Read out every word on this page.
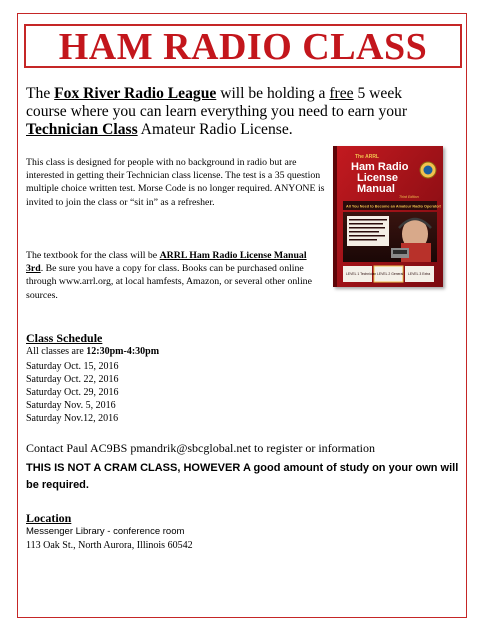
HAM RADIO CLASS
The Fox River Radio League will be holding a free 5 week course where you can learn everything you need to earn your Technician Class Amateur Radio License.
This class is designed for people with no background in radio but are interested in getting their Technician class license. The test is a 35 question multiple choice written test. Morse Code is no longer required. ANYONE is invited to join the class or “sit in” as a refresher.
The textbook for the class will be ARRL Ham Radio License Manual 3rd. Be sure you have a copy for class. Books can be purchased online through www.arrl.org, at local hamfests, Amazon, or several other online sources.
The ARRL
Ham Radio
License
Manual
Third Edition
All You Need to Become an Amateur Radio Operator!
LEVEL 1 Technician LEVEL 2 General LEVEL 3 Extra
Class Schedule
All classes are 12:30pm-4:30pm
Saturday Oct. 15, 2016
Saturday Oct. 22, 2016
Saturday Oct. 29, 2016
Saturday Nov. 5, 2016
Saturday Nov.12, 2016
Contact Paul AC9BS pmandrik@sbcglobal.net to register or information
THIS IS NOT A CRAM CLASS, HOWEVER A good amount of study on your own will be required.
Location
Messenger Library - conference room
113 Oak St., North Aurora, Illinois 60542
